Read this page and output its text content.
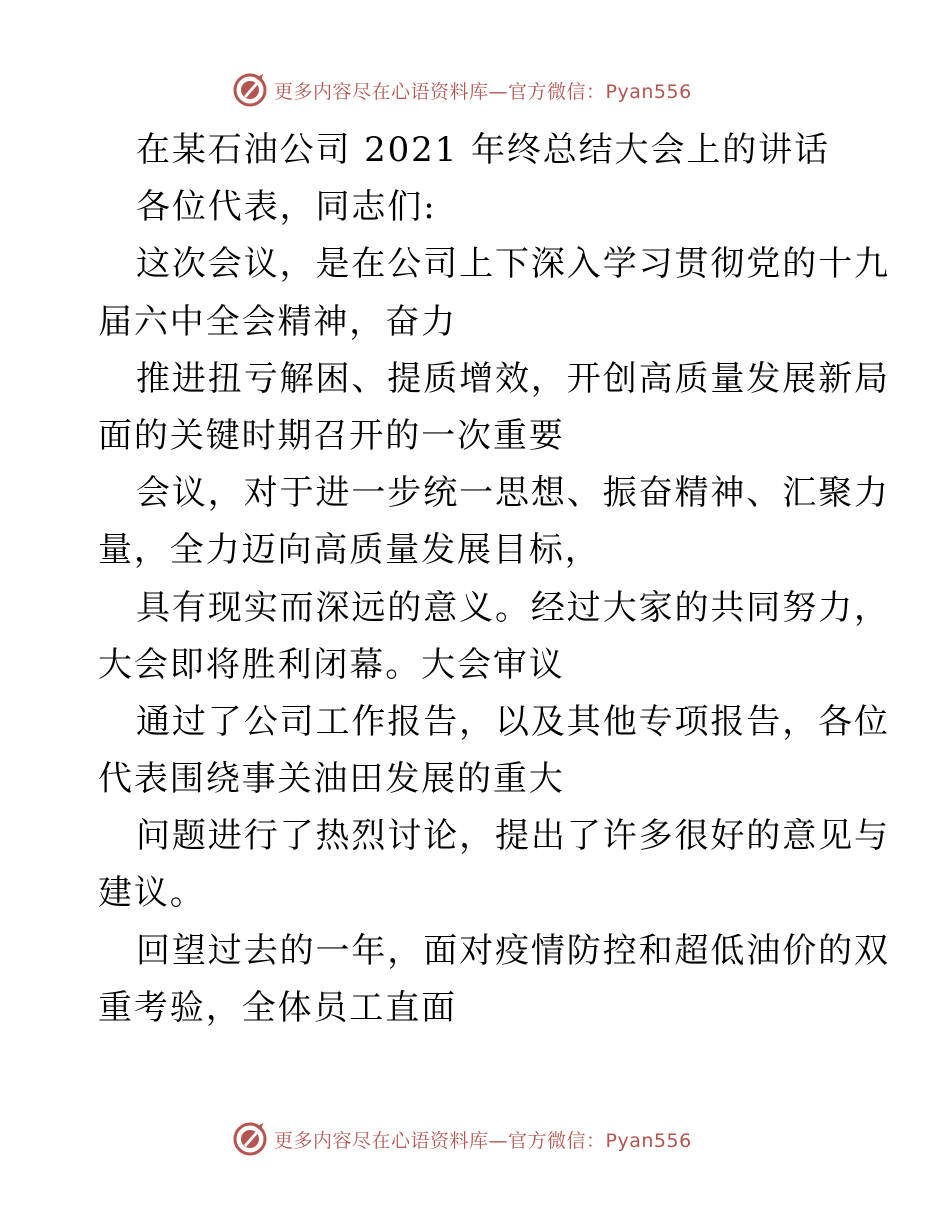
更多内容尽在心语资料库—官方微信：Pyan556
在某石油公司 2021 年终总结大会上的讲话
各位代表，同志们:
这次会议，是在公司上下深入学习贯彻党的十九
届六中全会精神，奋力
推进扭亏解困、提质增效，开创高质量发展新局
面的关键时期召开的一次重要
会议，对于进一步统一思想、振奋精神、汇聚力
量，全力迈向高质量发展目标，
具有现实而深远的意义。经过大家的共同努力，
大会即将胜利闭幕。大会审议
通过了公司工作报告，以及其他专项报告，各位
代表围绕事关油田发展的重大
问题进行了热烈讨论，提出了许多很好的意见与
建议。
回望过去的一年，面对疫情防控和超低油价的双
重考验，全体员工直面
更多内容尽在心语资料库—官方微信：Pyan556
